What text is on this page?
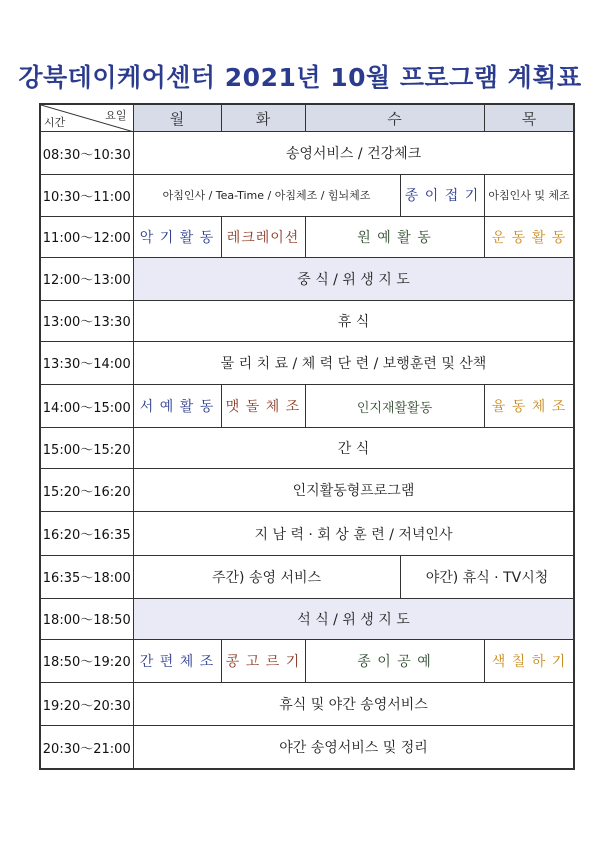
강북데이케어센터 2021년 10월 프로그램 계획표
요일
시간	월	화	수		목	
08:30～10:30	송영서비스 / 건강체크					
10:30～11:00	아침인사 / Tea-Time / 아침체조 / 힘뇌체조			종 이 접 기	아침인사 및 체조	
11:00～12:00	악 기 활 동	레크레이션	원 예 활 동		운 동 활 동	
12:00～13:00	중 식 / 위 생 지 도					
13:00～13:30	휴 식					
13:30～14:00	물 리 치 료 / 체 력 단 련 / 보행훈련 및 산책					
14:00～15:00	서 예 활 동	맷 돌 체 조	인지재활활동		율 동 체 조	
15:00～15:20	간 식					
15:20～16:20	인지활동형프로그램					
16:20～16:35	지 남 력 · 회 상 훈 련 / 저녁인사					
16:35～18:00	주간) 송영 서비스			야간) 휴식 · TV시청		
18:00～18:50	석 식 / 위 생 지 도					
18:50～19:20	간 편 체 조	콩 고 르 기	종 이 공 예		색 칠 하 기	
19:20～20:30	휴식 및 야간 송영서비스					
20:30～21:00	야간 송영서비스 및 정리					
